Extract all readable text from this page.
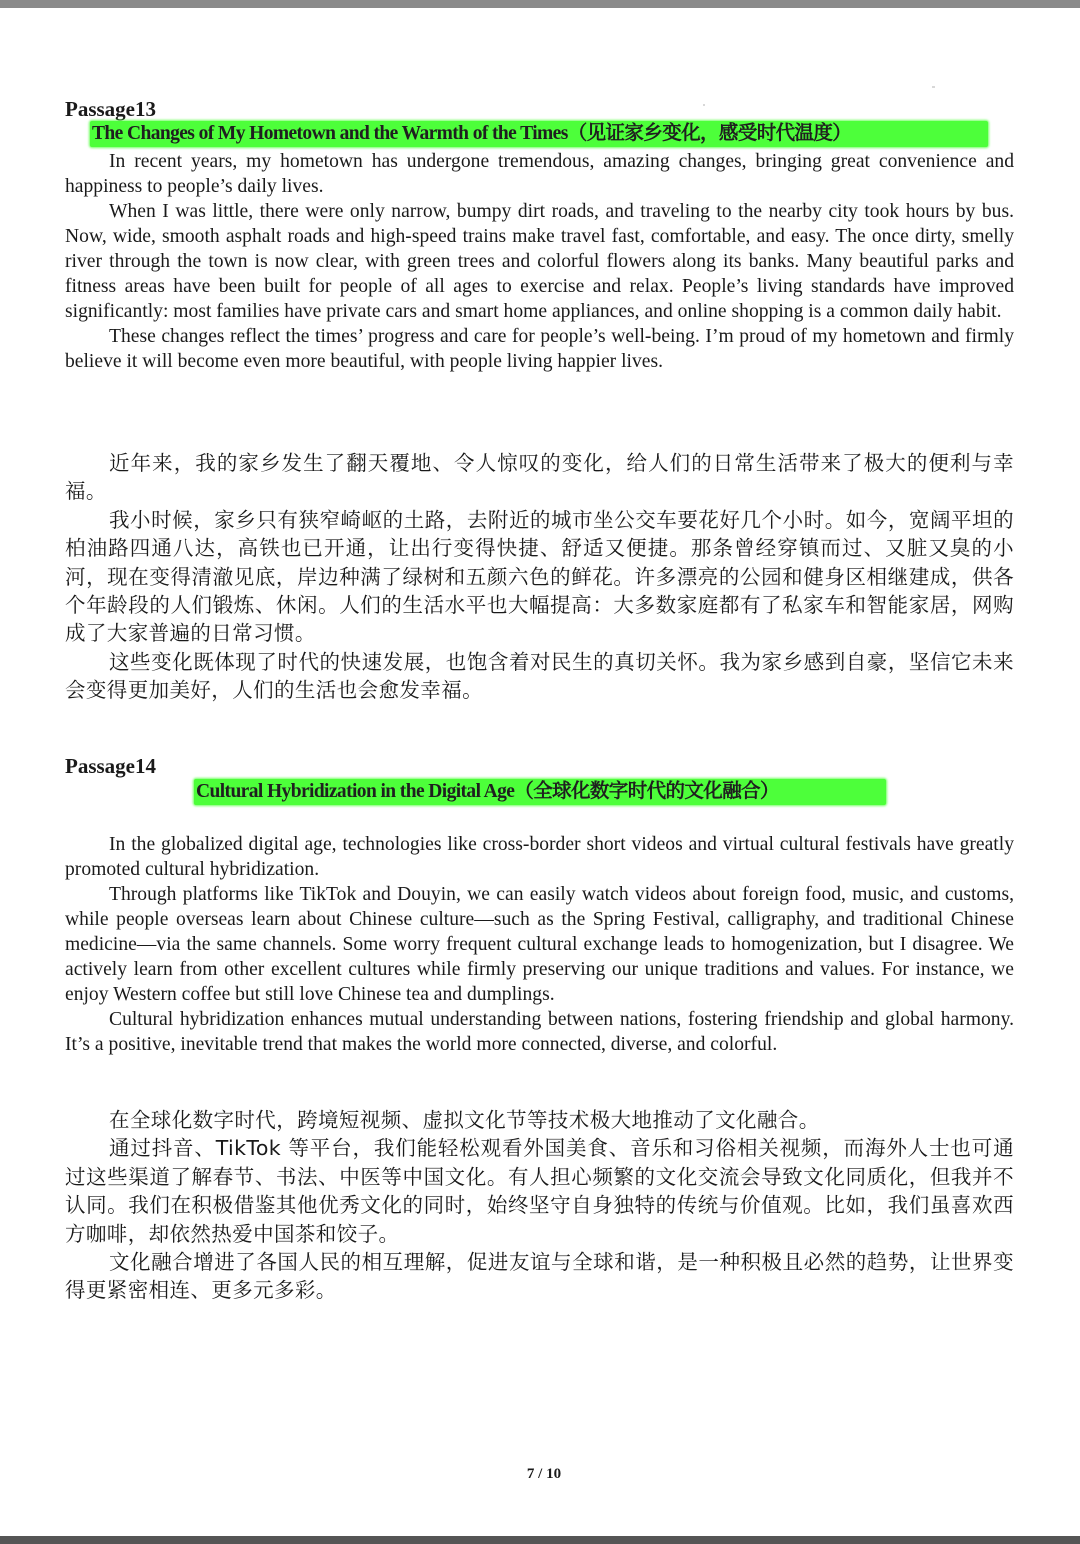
Passage13
The Changes of My Hometown and the Warmth of the Times（见证家乡变化，感受时代温度）

In recent years, my hometown has undergone tremendous, amazing changes, bringing great convenience and happiness to people’s daily lives.

When I was little, there were only narrow, bumpy dirt roads, and traveling to the nearby city took hours by bus. Now, wide, smooth asphalt roads and high-speed trains make travel fast, comfortable, and easy. The once dirty, smelly river through the town is now clear, with green trees and colorful flowers along its banks. Many beautiful parks and fitness areas have been built for people of all ages to exercise and relax. People’s living standards have improved significantly: most families have private cars and smart home appliances, and online shopping is a common daily habit.

These changes reflect the times’ progress and care for people’s well-being. I’m proud of my hometown and firmly believe it will become even more beautiful, with people living happier lives.

近年来，我的家乡发生了翻天覆地、令人惊叹的变化，给人们的日常生活带来了极大的便利与幸福。

我小时候，家乡只有狭窄崎岖的土路，去附近的城市坐公交车要花好几个小时。如今，宽阔平坦的柏油路四通八达，高铁也已开通，让出行变得快捷、舒适又便捷。那条曾经穿镇而过、又脏又臭的小河，现在变得清澈见底，岸边种满了绿树和五颜六色的鲜花。许多漂亮的公园和健身区相继建成，供各个年龄段的人们锻炼、休闲。人们的生活水平也大幅提高：大多数家庭都有了私家车和智能家居，网购成了大家普遍的日常习惯。

这些变化既体现了时代的快速发展，也饱含着对民生的真切关怀。我为家乡感到自豪，坚信它未来会变得更加美好，人们的生活也会愈发幸福。

Passage14
Cultural Hybridization in the Digital Age（全球化数字时代的文化融合）

In the globalized digital age, technologies like cross-border short videos and virtual cultural festivals have greatly promoted cultural hybridization.

Through platforms like TikTok and Douyin, we can easily watch videos about foreign food, music, and customs, while people overseas learn about Chinese culture—such as the Spring Festival, calligraphy, and traditional Chinese medicine—via the same channels. Some worry frequent cultural exchange leads to homogenization, but I disagree. We actively learn from other excellent cultures while firmly preserving our unique traditions and values. For instance, we enjoy Western coffee but still love Chinese tea and dumplings.

Cultural hybridization enhances mutual understanding between nations, fostering friendship and global harmony. It’s a positive, inevitable trend that makes the world more connected, diverse, and colorful.

在全球化数字时代，跨境短视频、虚拟文化节等技术极大地推动了文化融合。

通过抖音、TikTok 等平台，我们能轻松观看外国美食、音乐和习俗相关视频，而海外人士也可通过这些渠道了解春节、书法、中医等中国文化。有人担心频繁的文化交流会导致文化同质化，但我并不认同。我们在积极借鉴其他优秀文化的同时，始终坚守自身独特的传统与价值观。比如，我们虽喜欢西方咖啡，却依然热爱中国茶和饺子。

文化融合增进了各国人民的相互理解，促进友谊与全球和谐，是一种积极且必然的趋势，让世界变得更紧密相连、更多元多彩。

7 / 10
